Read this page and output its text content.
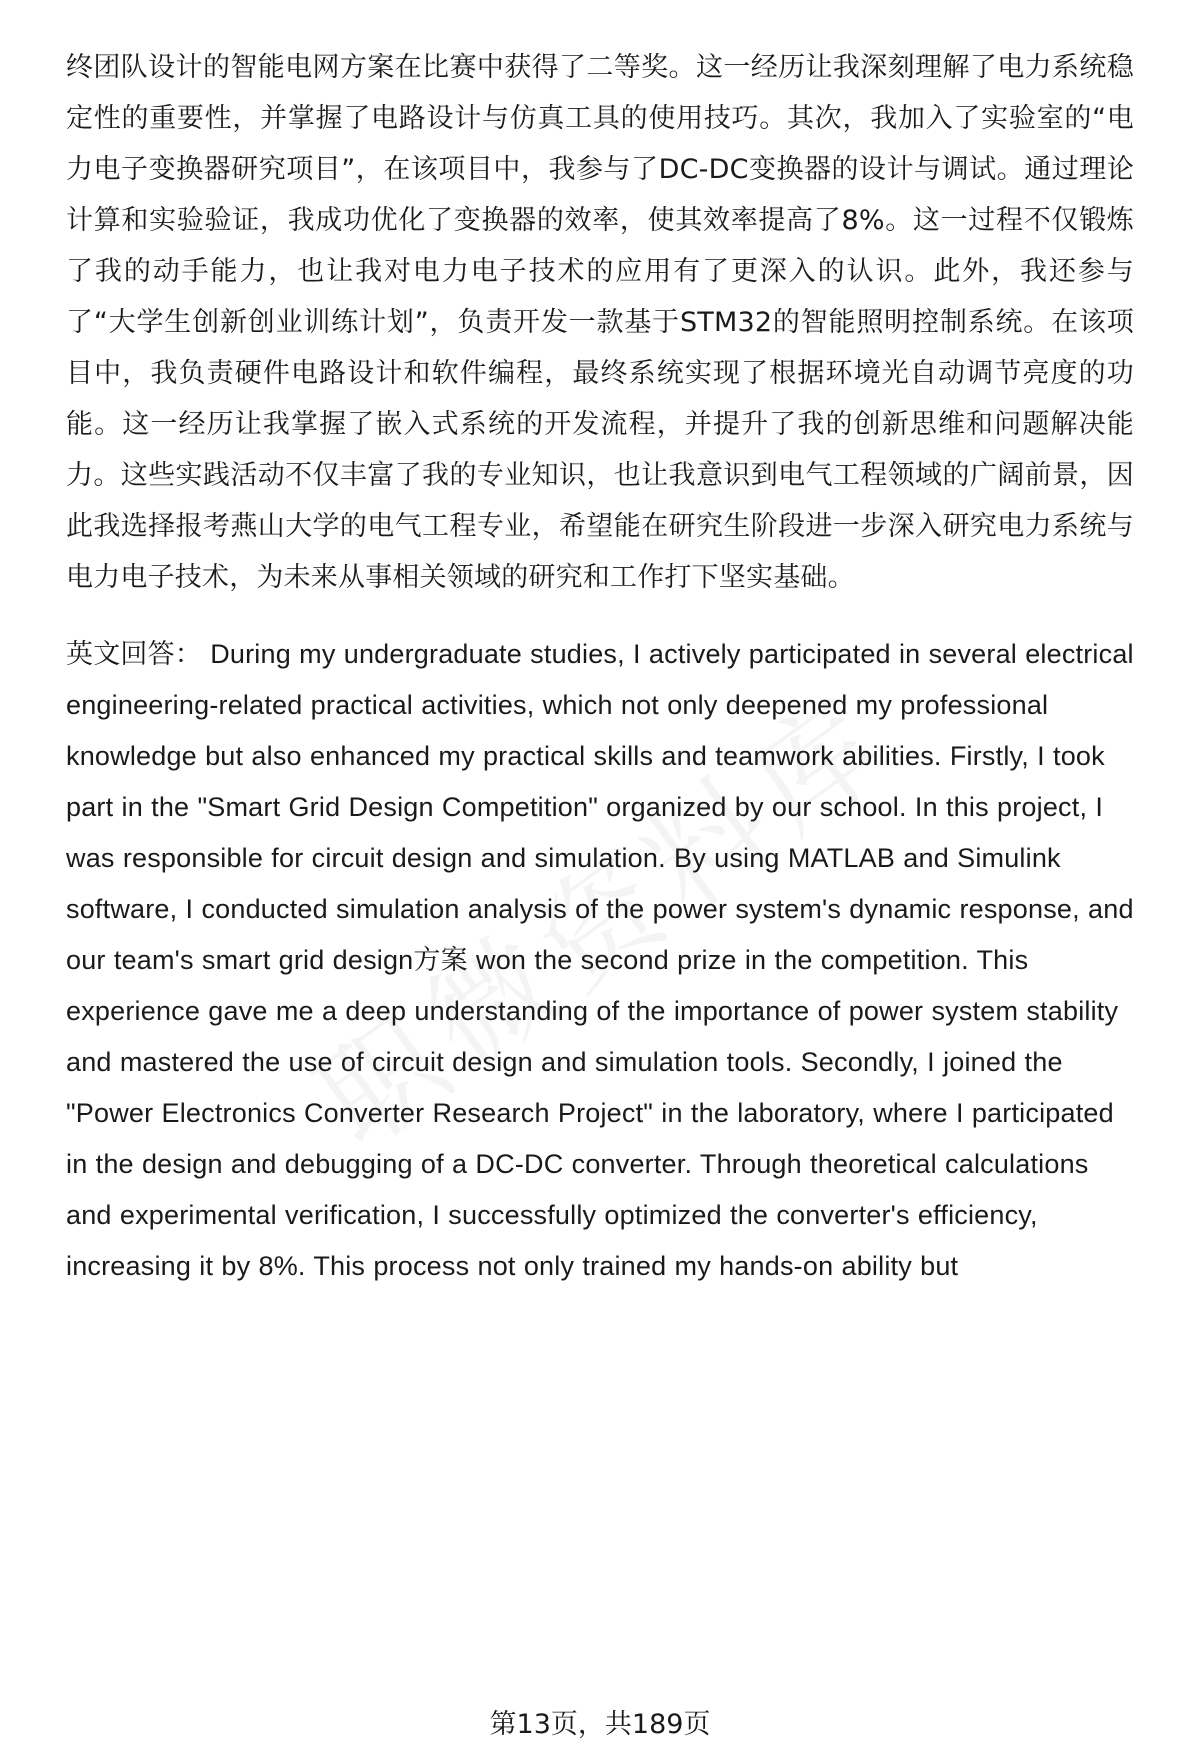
终团队设计的智能电网方案在比赛中获得了二等奖。这一经历让我深刻理解了电力系统稳定性的重要性，并掌握了电路设计与仿真工具的使用技巧。其次，我加入了实验室的“电力电子变换器研究项目”，在该项目中，我参与了DC-DC变换器的设计与调试。通过理论计算和实验验证，我成功优化了变换器的效率，使其效率提高了8%。这一过程不仅锻炼了我的动手能力，也让我对电力电子技术的应用有了更深入的认识。此外，我还参与了“大学生创新创业训练计划”，负责开发一款基于STM32的智能照明控制系统。在该项目中，我负责硬件电路设计和软件编程，最终系统实现了根据环境光自动调节亮度的功能。这一经历让我掌握了嵌入式系统的开发流程，并提升了我的创新思维和问题解决能力。这些实践活动不仅丰富了我的专业知识，也让我意识到电气工程领域的广阔前景，因此我选择报考燕山大学的电气工程专业，希望能在研究生阶段进一步深入研究电力系统与电力电子技术，为未来从事相关领域的研究和工作打下坚实基础。

英文回答： During my undergraduate studies, I actively participated in several electrical engineering-related practical activities, which not only deepened my professional knowledge but also enhanced my practical skills and teamwork abilities. Firstly, I took part in the "Smart Grid Design Competition" organized by our school. In this project, I was responsible for circuit design and simulation. By using MATLAB and Simulink software, I conducted simulation analysis of the power system's dynamic response, and our team's smart grid design方案 won the second prize in the competition. This experience gave me a deep understanding of the importance of power system stability and mastered the use of circuit design and simulation tools. Secondly, I joined the "Power Electronics Converter Research Project" in the laboratory, where I participated in the design and debugging of a DC-DC converter. Through theoretical calculations and experimental verification, I successfully optimized the converter's efficiency, increasing it by 8%. This process not only trained my hands-on ability but

第13页，共189页
